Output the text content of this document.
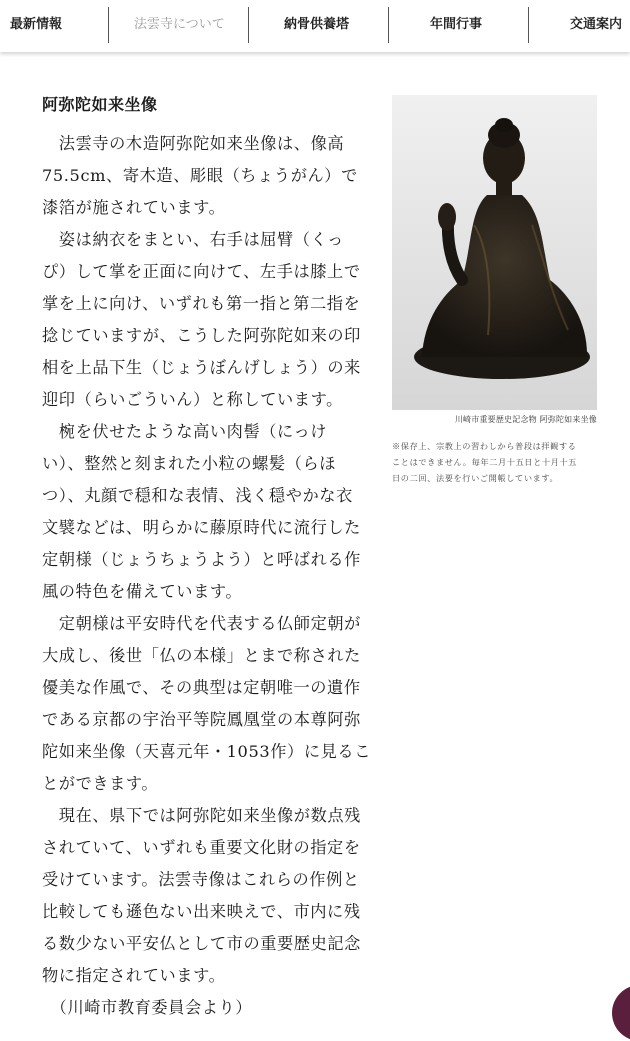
最新情報	法雲寺について	納骨供養塔	年間行事	交通案内
阿弥陀如来坐像

　法雲寺の木造阿弥陀如来坐像は、像高
75.5cm、寄木造、彫眼（ちょうがん）で
漆箔が施されています。

　姿は納衣をまとい、右手は屈臂（くっ
ぴ）して掌を正面に向けて、左手は膝上で
掌を上に向け、いずれも第一指と第二指を
捻じていますが、こうした阿弥陀如来の印
相を上品下生（じょうぼんげしょう）の来
迎印（らいごういん）と称しています。

　椀を伏せたような高い肉髻（にっけ
い）、整然と刻まれた小粒の螺髪（らほ
つ）、丸顔で穏和な表情、浅く穏やかな衣
文襞などは、明らかに藤原時代に流行した
定朝様（じょうちょうよう）と呼ばれる作
風の特色を備えています。

　定朝様は平安時代を代表する仏師定朝が
大成し、後世「仏の本様」とまで称された
優美な作風で、その典型は定朝唯一の遺作
である京都の宇治平等院鳳凰堂の本尊阿弥
陀如来坐像（天喜元年・1053作）に見るこ
とができます。

　現在、県下では阿弥陀如来坐像が数点残
されていて、いずれも重要文化財の指定を
受けています。法雲寺像はこれらの作例と
比較しても遜色ない出来映えで、市内に残
る数少ない平安仏として市の重要歴史記念
物に指定されています。

　（川崎市教育委員会より）

川崎市重要歴史記念物 阿弥陀如来坐像
※保存上、宗教上の習わしから普段は拝観する
ことはできません。毎年二月十五日と十月十五
日の二回、法要を行いご開帳しています。
